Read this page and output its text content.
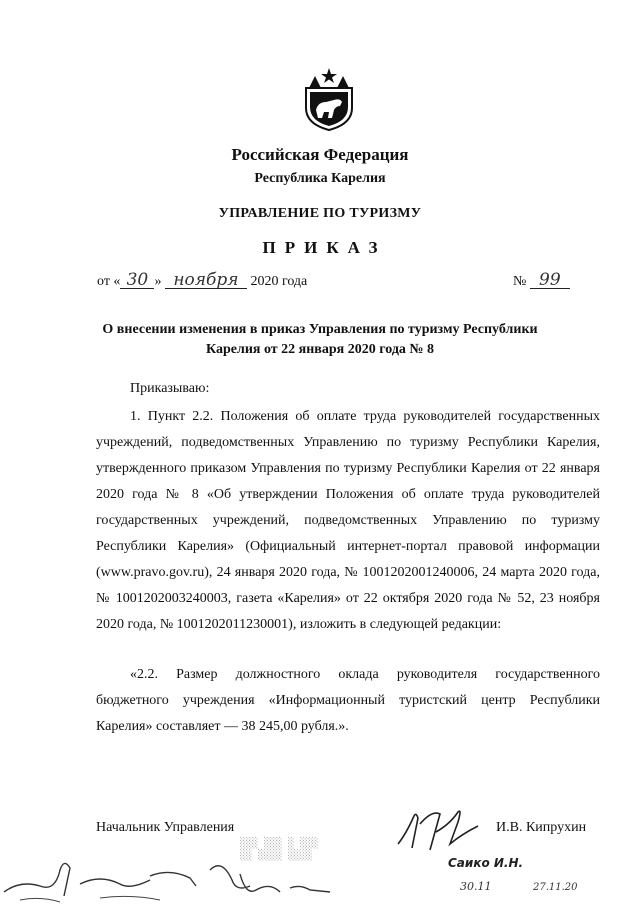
Российская Федерация
Республика Карелия
УПРАВЛЕНИЕ ПО ТУРИЗМУ
ПРИКАЗ
от « 30 » ноября 2020 года	№ 99
О внесении изменения в приказ Управления по туризму Республики Карелия от 22 января 2020 года № 8
Приказываю:

1. Пункт 2.2. Положения об оплате труда руководителей государственных учреждений, подведомственных Управлению по туризму Республики Карелия, утвержденного приказом Управления по туризму Республики Карелия от 22 января 2020 года № 8 «Об утверждении Положения об оплате труда руководителей государственных учреждений, подведомственных Управлению по туризму Республики Карелия» (Официальный интернет-портал правовой информации (www.pravo.gov.ru), 24 января 2020 года, № 1001202001240006, 24 марта 2020 года, № 1001202003240003, газета «Карелия» от 22 октября 2020 года № 52, 23 ноября 2020 года, № 1001202011230001), изложить в следующей редакции:

«2.2. Размер должностного оклада руководителя государственного бюджетного учреждения «Информационный туристский центр Республики Карелия» составляет — 38 245,00 рубля.».

Начальник Управления	И.В. Кипрухин
░░░ ░░░ ░ ░░░
░░ ░░░░ ░░░░
Саико И.Н.
30.11	27.11.20
